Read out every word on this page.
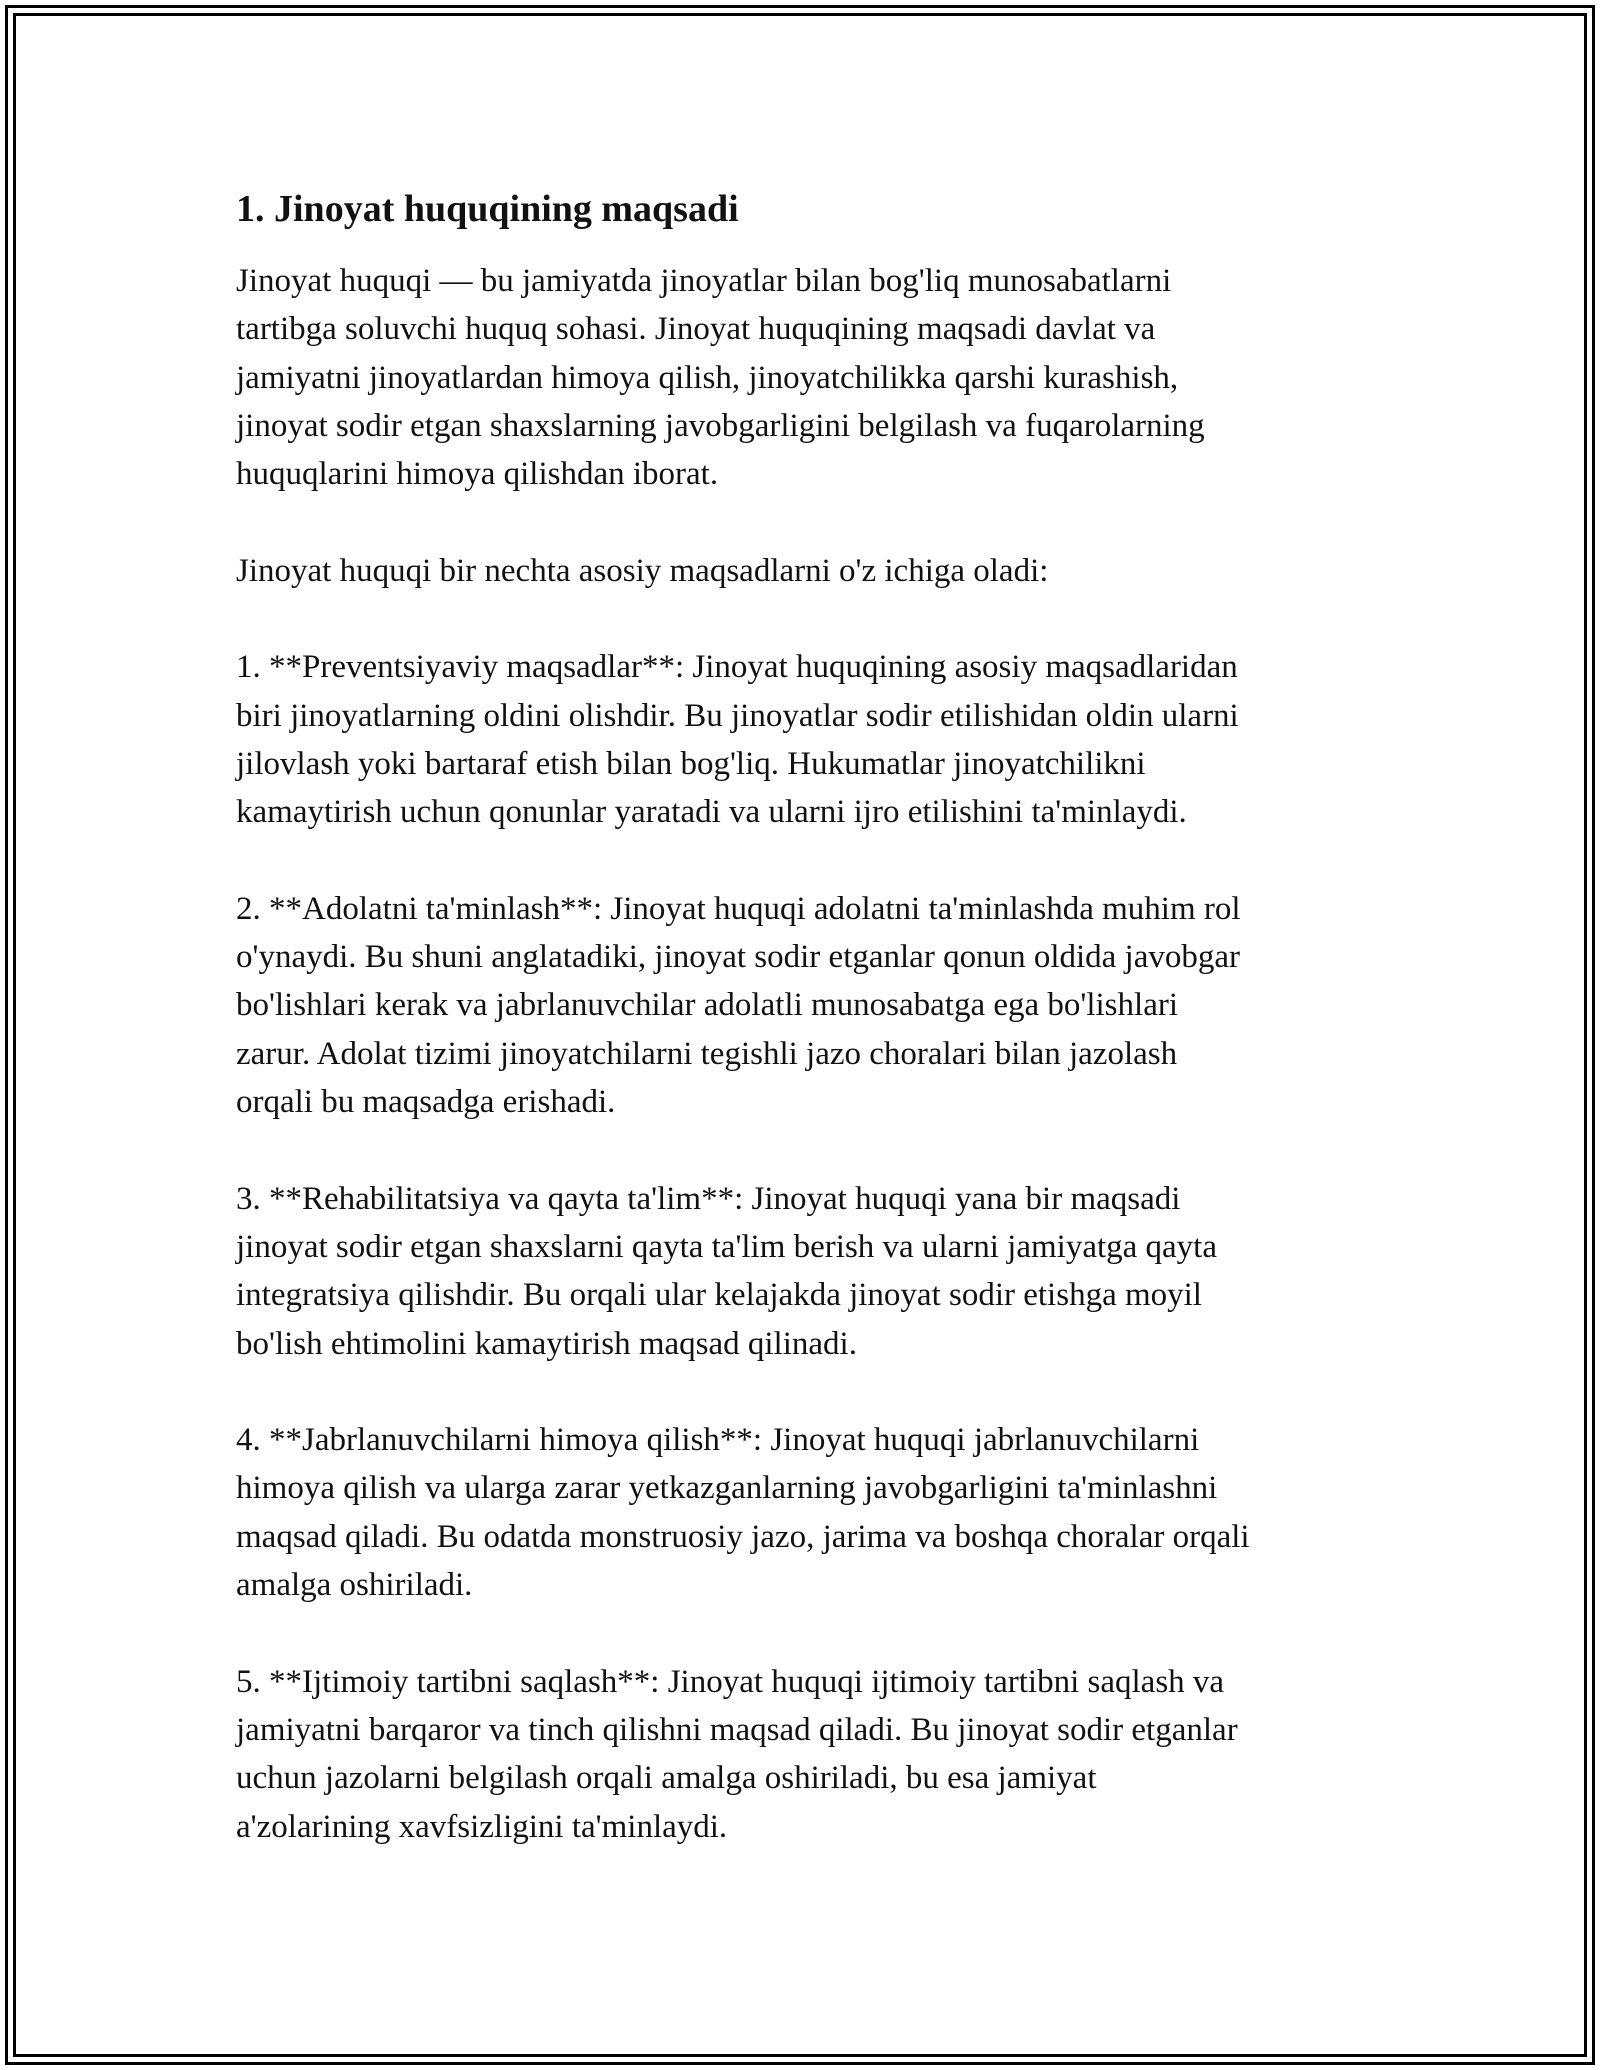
1. Jinoyat huquqining maqsadi

Jinoyat huquqi — bu jamiyatda jinoyatlar bilan bog'liq munosabatlarni
tartibga soluvchi huquq sohasi. Jinoyat huquqining maqsadi davlat va
jamiyatni jinoyatlardan himoya qilish, jinoyatchilikka qarshi kurashish,
jinoyat sodir etgan shaxslarning javobgarligini belgilash va fuqarolarning
huquqlarini himoya qilishdan iborat.

Jinoyat huquqi bir nechta asosiy maqsadlarni o'z ichiga oladi:

1. **Preventsiyaviy maqsadlar**: Jinoyat huquqining asosiy maqsadlaridan
biri jinoyatlarning oldini olishdir. Bu jinoyatlar sodir etilishidan oldin ularni
jilovlash yoki bartaraf etish bilan bog'liq. Hukumatlar jinoyatchilikni
kamaytirish uchun qonunlar yaratadi va ularni ijro etilishini ta'minlaydi.

2. **Adolatni ta'minlash**: Jinoyat huquqi adolatni ta'minlashda muhim rol
o'ynaydi. Bu shuni anglatadiki, jinoyat sodir etganlar qonun oldida javobgar
bo'lishlari kerak va jabrlanuvchilar adolatli munosabatga ega bo'lishlari
zarur. Adolat tizimi jinoyatchilarni tegishli jazo choralari bilan jazolash
orqali bu maqsadga erishadi.

3. **Rehabilitatsiya va qayta ta'lim**: Jinoyat huquqi yana bir maqsadi
jinoyat sodir etgan shaxslarni qayta ta'lim berish va ularni jamiyatga qayta
integratsiya qilishdir. Bu orqali ular kelajakda jinoyat sodir etishga moyil
bo'lish ehtimolini kamaytirish maqsad qilinadi.

4. **Jabrlanuvchilarni himoya qilish**: Jinoyat huquqi jabrlanuvchilarni
himoya qilish va ularga zarar yetkazganlarning javobgarligini ta'minlashni
maqsad qiladi. Bu odatda monstruosiy jazo, jarima va boshqa choralar orqali
amalga oshiriladi.

5. **Ijtimoiy tartibni saqlash**: Jinoyat huquqi ijtimoiy tartibni saqlash va
jamiyatni barqaror va tinch qilishni maqsad qiladi. Bu jinoyat sodir etganlar
uchun jazolarni belgilash orqali amalga oshiriladi, bu esa jamiyat
a'zolarining xavfsizligini ta'minlaydi.
